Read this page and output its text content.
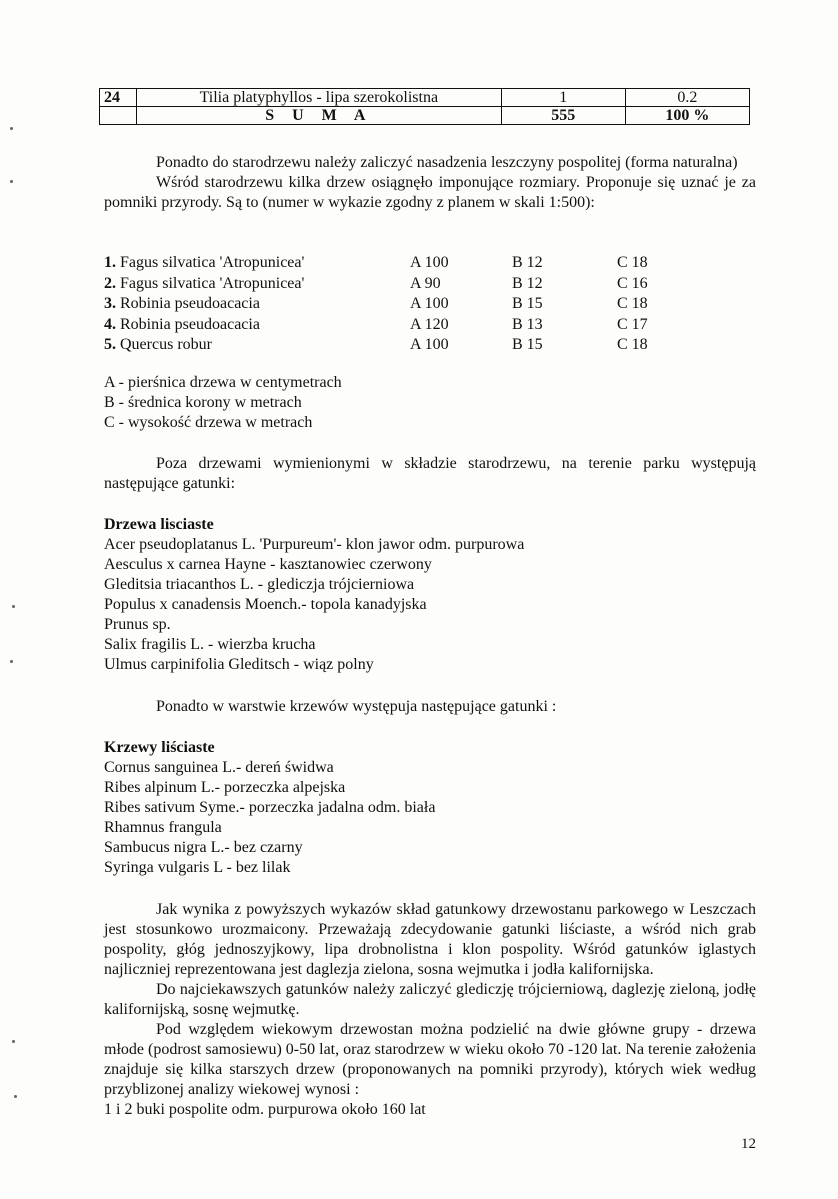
24	Tilia platyphyllos - lipa szerokolistna	1	0.2
	S U M A	555	100 %

Ponadto do starodrzewu należy zaliczyć nasadzenia leszczyny pospolitej (forma naturalna)

Wśród starodrzewu kilka drzew osiągnęło imponujące rozmiary. Proponuje się uznać je za pomniki przyrody. Są to (numer w wykazie zgodny z planem w skali 1:500):

1. Fagus silvatica 'Atropunicea'	A 100	B 12	C 18
2. Fagus silvatica 'Atropunicea'	A 90	B 12	C 16
3. Robinia pseudoacacia	A 100	B 15	C 18
4. Robinia pseudoacacia	A 120	B 13	C 17
5. Quercus robur	A 100	B 15	C 18

A - pierśnica drzewa w centymetrach

B - średnica korony w metrach

C - wysokość drzewa w metrach

Poza drzewami wymienionymi w składzie starodrzewu, na terenie parku występują następujące gatunki:

Drzewa lisciaste

Acer pseudoplatanus L. 'Purpureum'- klon jawor odm. purpurowa

Aesculus x carnea Hayne - kasztanowiec czerwony

Gleditsia triacanthos L. - glediczja trójcierniowa

Populus x canadensis Moench.- topola kanadyjska

Prunus sp.

Salix fragilis L. - wierzba krucha

Ulmus carpinifolia Gleditsch - wiąz polny

Ponadto w warstwie krzewów występuja następujące gatunki :

Krzewy liściaste

Cornus sanguinea L.- dereń świdwa

Ribes alpinum L.- porzeczka alpejska

Ribes sativum Syme.- porzeczka jadalna odm. biała

Rhamnus frangula

Sambucus nigra L.- bez czarny

Syringa vulgaris L - bez lilak

Jak wynika z powyższych wykazów skład gatunkowy drzewostanu parkowego w Leszczach jest stosunkowo urozmaicony. Przeważają zdecydowanie gatunki liściaste, a wśród nich grab pospolity, głóg jednoszyjkowy, lipa drobnolistna i klon pospolity. Wśród gatunków iglastych najliczniej reprezentowana jest daglezja zielona, sosna wejmutka i jodła kalifornijska.

Do najciekawszych gatunków należy zaliczyć glediczję trójcierniową, daglezję zieloną, jodłę kalifornijską, sosnę wejmutkę.

Pod względem wiekowym drzewostan można podzielić na dwie główne grupy - drzewa młode (podrost samosiewu) 0-50 lat, oraz starodrzew w wieku około 70 -120 lat. Na terenie założenia znajduje się kilka starszych drzew (proponowanych na pomniki przyrody), których wiek według przyblizonej analizy wiekowej wynosi :

1 i 2 buki pospolite odm. purpurowa około 160 lat

12
